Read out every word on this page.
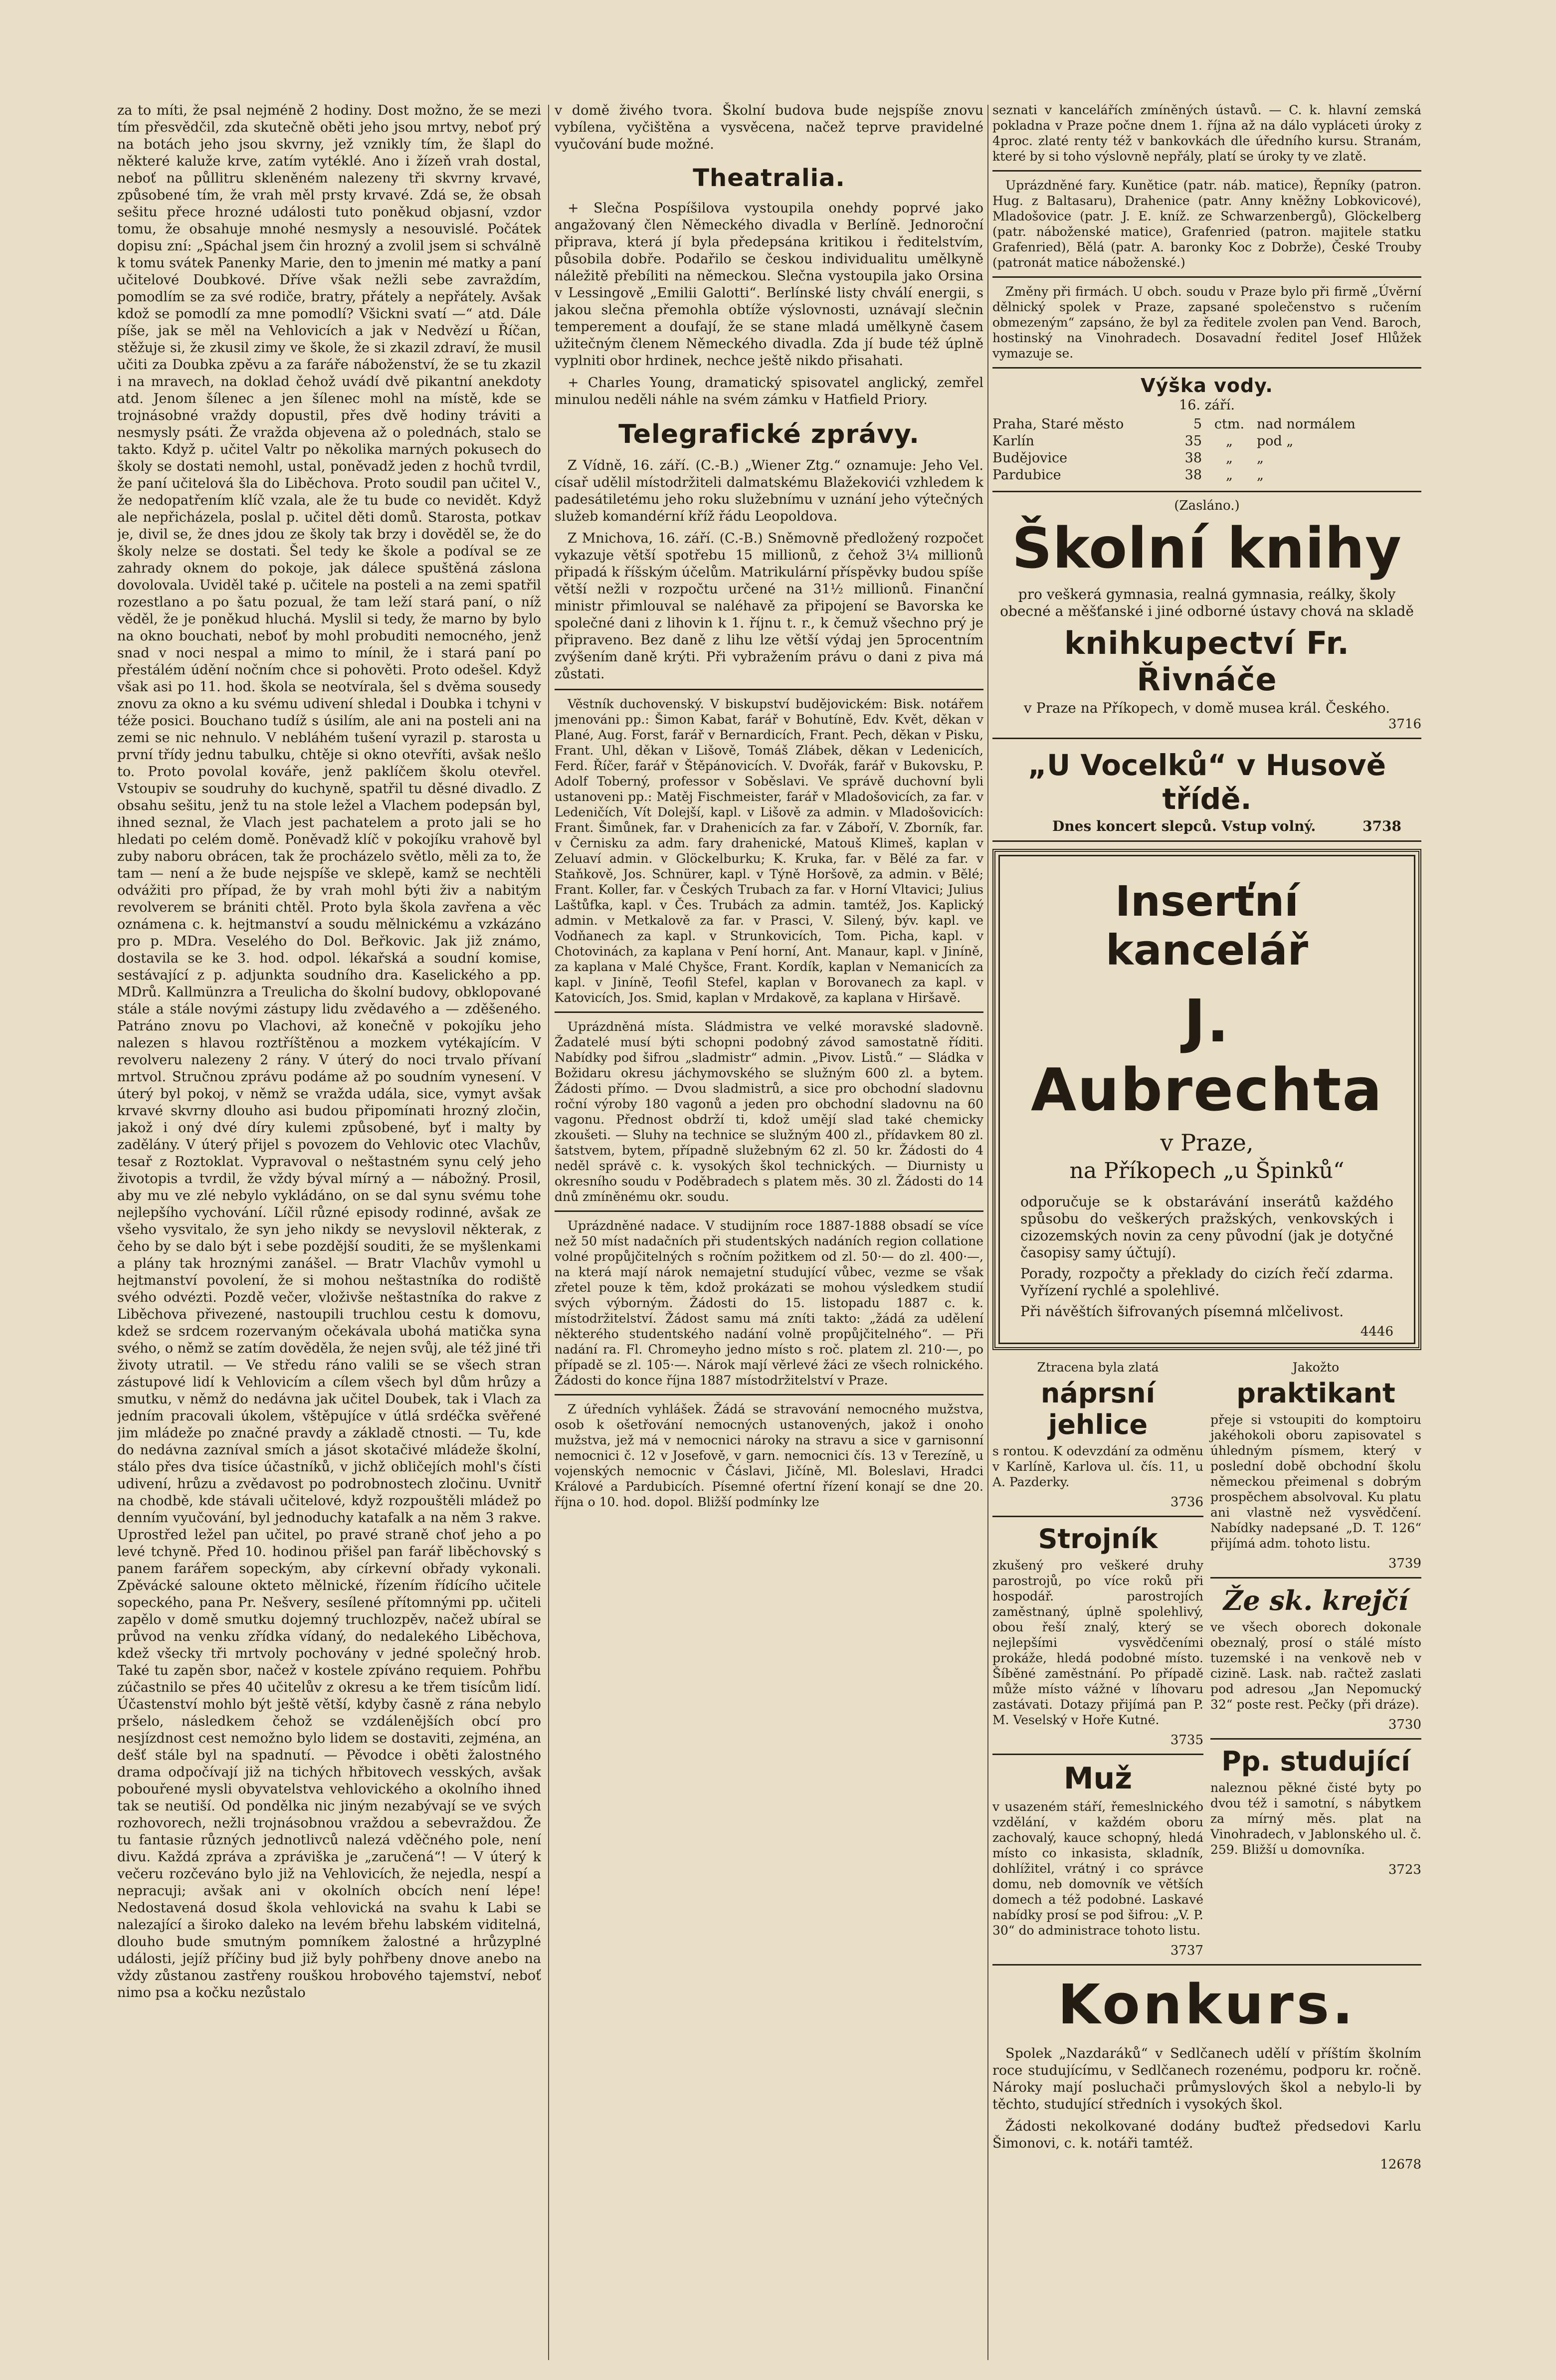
za to míti, že psal nejméně 2 hodiny. Dost možno, že se mezi tím přesvědčil, zda skutečně oběti jeho jsou mrtvy, neboť prý na botách jeho jsou skvrny, jež vznikly tím, že šlapl do některé kaluže krve, zatím vytéklé. Ano i žízeň vrah dostal, neboť na půllitru skleněném nalezeny tři skvrny krvavé, způsobené tím, že vrah měl prsty krvavé. Zdá se, že obsah sešitu přece hrozné události tuto poněkud objasní, vzdor tomu, že obsahuje mnohé nesmysly a nesouvislé. Počátek dopisu zní: „Spáchal jsem čin hrozný a zvolil jsem si schválně k tomu svátek Panenky Marie, den to jmenin mé matky a paní učitelové Doubkové. Dříve však nežli sebe zavraždím, pomodlím se za své rodiče, bratry, přátely a nepřátely. Avšak kdož se pomodlí za mne pomodlí? Všickni svatí —“ atd. Dále píše, jak se měl na Vehlovicích a jak v Nedvězí u Říčan, stěžuje si, že zkusil zimy ve škole, že si zkazil zdraví, že musil učiti za Doubka zpěvu a za faráře náboženství, že se tu zkazil i na mravech, na doklad čehož uvádí dvě pikantní anekdoty atd. Jenom šílenec a jen šílenec mohl na místě, kde se trojnásobné vraždy dopustil, přes dvě hodiny tráviti a nesmysly psáti. Že vražda objevena až o polednách, stalo se takto. Když p. učitel Valtr po několika marných pokusech do školy se dostati nemohl, ustal, poněvadž jeden z hochů tvrdil, že paní učitelová šla do Liběchova. Proto soudil pan učitel V., že nedopatřením klíč vzala, ale že tu bude co nevidět. Když ale nepřicházela, poslal p. učitel děti domů. Starosta, potkav je, divil se, že dnes jdou ze školy tak brzy i dověděl se, že do školy nelze se dostati. Šel tedy ke škole a podíval se ze zahrady oknem do pokoje, jak dálece spuštěná záslona dovolovala. Uviděl také p. učitele na posteli a na zemi spatřil rozestlano a po šatu pozual, že tam leží stará paní, o níž věděl, že je poněkud hluchá. Myslil si tedy, že marno by bylo na okno bouchati, neboť by mohl probuditi nemocného, jenž snad v noci nespal a mimo to mínil, že i stará paní po přestálém údění nočním chce si pohověti. Proto odešel. Když však asi po 11. hod. škola se neotvírala, šel s dvěma sousedy znovu za okno a ku svému udivení shledal i Doubka i tchyni v téže posici. Bouchano tudíž s úsilím, ale ani na posteli ani na zemi se nic nehnulo. V nebláhém tušení vyrazil p. starosta u první třídy jednu tabulku, chtěje si okno otevříti, avšak nešlo to. Proto povolal kováře, jenž paklíčem školu otevřel. Vstoupiv se soudruhy do kuchyně, spatřil tu děsné divadlo. Z obsahu sešitu, jenž tu na stole ležel a Vlachem podepsán byl, ihned seznal, že Vlach jest pachatelem a proto jali se ho hledati po celém domě. Poněvadž klíč v pokojíku vrahově byl zuby naboru obrácen, tak že procházelo světlo, měli za to, že tam — není a že bude nejspíše ve sklepě, kamž se nechtěli odvážiti pro případ, že by vrah mohl býti živ a nabitým revolverem se brániti chtěl. Proto byla škola zavřena a věc oznámena c. k. hejtmanství a soudu mělnickému a vzkázáno pro p. MDra. Veselého do Dol. Beřkovic. Jak již známo, dostavila se ke 3. hod. odpol. lékařská a soudní komise, sestávající z p. adjunkta soudního dra. Kaselického a pp. MDrů. Kallmünzra a Treulicha do školní budovy, obklopované stále a stále novými zástupy lidu zvědavého a — zděšeného. Patráno znovu po Vlachovi, až konečně v pokojíku jeho nalezen s hlavou roztříštěnou a mozkem vytékajícím. V revolveru nalezeny 2 rány. V úterý do noci trvalo přívaní mrtvol. Stručnou zprávu podáme až po soudním vynesení. V úterý byl pokoj, v němž se vražda udála, sice, vymyt avšak krvavé skvrny dlouho asi budou připomínati hrozný zločin, jakož i oný dvé díry kulemi způsobené, byť i malty by zadělány. V úterý přijel s povozem do Vehlovic otec Vlachův, tesař z Roztoklat. Vypravoval o neštastném synu celý jeho životopis a tvrdil, že vždy býval mírný a — nábožný. Prosil, aby mu ve zlé nebylo vykládáno, on se dal synu svému tohe nejlepšího vychování. Líčil různé episody rodinné, avšak ze všeho vysvitalo, že syn jeho nikdy se nevyslovil některak, z čeho by se dalo být i sebe pozdější souditi, že se myšlenkami a plány tak hroznými zanášel. — Bratr Vlachův vymohl u hejtmanství povolení, že si mohou neštastníka do rodiště svého odvézti. Pozdě večer, vloživše neštastníka do rakve z Liběchova přivezené, nastoupili truchlou cestu k domovu, kdež se srdcem rozervaným očekávala ubohá matička syna svého, o němž se zatím dověděla, že nejen svůj, ale též jiné tři životy utratil. — Ve středu ráno valili se se všech stran zástupové lidí k Vehlovicím a cílem všech byl dům hrůzy a smutku, v němž do nedávna jak učitel Doubek, tak i Vlach za jedním pracovali úkolem, vštěpujíce v útlá srdéčka svěřené jim mládeže po značné pravdy a základě ctnosti. — Tu, kde do nedávna zazníval smích a jásot skotačivé mládeže školní, stálo přes dva tisíce účastníků, v jichž obličejích mohl's čísti udivení, hrůzu a zvědavost po podrobnostech zločinu. Uvnitř na chodbě, kde stávali učitelové, když rozpouštěli mládež po denním vyučování, byl jednoduchy katafalk a na něm 3 rakve. Uprostřed ležel pan učitel, po pravé straně choť jeho a po levé tchyně. Před 10. hodinou přišel pan farář liběchovský s panem farářem sopeckým, aby církevní obřady vykonali. Zpěvácké saloune okteto mělnické, řízením řídícího učitele sopeckého, pana Pr. Nešvery, sesílené přítomnými pp. učiteli zapělo v domě smutku dojemný truchlozpěv, načež ubíral se průvod na venku zřídka vídaný, do nedalekého Liběchova, kdež všecky tři mrtvoly pochovány v jedné společný hrob. Také tu zapěn sbor, načež v kostele zpíváno requiem. Pohřbu zúčastnilo se přes 40 učitelův z okresu a ke třem tisícům lidí. Účastenství mohlo být ještě větší, kdyby časně z rána nebylo pršelo, následkem čehož se vzdálenějších obcí pro nesjízdnost cest nemožno bylo lidem se dostaviti, zejména, an dešť stále byl na spadnutí. — Pěvodce i oběti žalostného drama odpočívají již na tichých hřbitovech vesských, avšak pobouřené mysli obyvatelstva vehlovického a okolního ihned tak se neutiší. Od pondělka nic jiným nezabývají se ve svých rozhovorech, nežli trojnásobnou vraždou a sebevraždou. Že tu fantasie různých jednotlivců nalezá vděčného pole, není divu. Každá zpráva a zpráviška je „zaručená“! — V úterý k večeru rozčeváno bylo již na Vehlovicích, že nejedla, nespí a nepracuji; avšak ani v okolních obcích není lépe! Nedostavená dosud škola vehlovická na svahu k Labi se nalezající a široko daleko na levém břehu labském viditelná, dlouho bude smutným pomníkem žalostné a hrůzyplné události, jejíž příčiny bud již byly pohřbeny dnove anebo na vždy zůstanou zastřeny rouškou hrobového tajemství, neboť nimo psa a kočku nezůstalo

v domě živého tvora. Školní budova bude nejspíše znovu vybílena, vyčištěna a vysvěcena, načež teprve pravidelné vyučování bude možné.

Theatralia.

+ Slečna Pospíšilova vystoupila onehdy poprvé jako angažovaný člen Německého divadla v Berlíně. Jednoroční připrava, která jí byla předepsána kritikou i ředitelstvím, působila dobře. Podařilo se českou individualitu umělkyně náležitě přebíliti na německou. Slečna vystoupila jako Orsina v Lessingově „Emilii Galotti“. Berlínské listy chválí energii, s jakou slečna přemohla obtíže výslovnosti, uznávají slečnin temperement a doufají, že se stane mladá umělkyně časem užitečným členem Německého divadla. Zda jí bude též úplně vyplniti obor hrdinek, nechce ještě nikdo přisahati.

+ Charles Young, dramatický spisovatel anglický, zemřel minulou neděli náhle na svém zámku v Hatfield Priory.

Telegrafické zprávy.

Z Vídně, 16. září. (C.-B.) „Wiener Ztg.“ oznamuje: Jeho Vel. císař udělil místodržiteli dalmatskému Blažekovići vzhledem k padesátiletému jeho roku služebnímu v uznání jeho výtečných služeb komandérní kříž řádu Leopoldova.

Z Mnichova, 16. září. (C.-B.) Sněmovně předložený rozpočet vykazuje větší spotřebu 15 millionů, z čehož 3¼ millionů připadá k říšským účelům. Matrikulární příspěvky budou spíše větší nežli v rozpočtu určené na 31½ millionů. Finanční ministr přimlouval se naléhavě za připojení se Bavorska ke společné dani z lihovin k 1. říjnu t. r., k čemuž všechno prý je připraveno. Bez daně z lihu lze větší výdaj jen 5procentním zvýšením daně krýti. Při vybražením právu o dani z piva má zůstati.

Věstník duchovenský. V biskupství budějovickém: Bisk. notářem jmenováni pp.: Šimon Kabat, farář v Bohutíně, Edv. Květ, děkan v Plané, Aug. Forst, farář v Bernardicích, Frant. Pech, děkan v Pisku, Frant. Uhl, děkan v Lišově, Tomáš Zlábek, děkan v Ledenicích, Ferd. Říčer, farář v Štěpánovicích. V. Dvořák, farář v Bukovsku, P. Adolf Toberný, professor v Soběslavi. Ve správě duchovní byli ustanoveni pp.: Matěj Fischmeister, farář v Mladošovicích, za far. v Ledeničích, Vít Dolejší, kapl. v Lišově za admin. v Mladošovicích: Frant. Šimůnek, far. v Drahenicích za far. v Záboří, V. Zborník, far. v Černisku za adm. fary drahenické, Matouš Klimeš, kaplan v Zeluaví admin. v Glöckelburku; K. Kruka, far. v Bělé za far. v Staňkově, Jos. Schnürer, kapl. v Týně Horšově, za admin. v Bělé; Frant. Koller, far. v Českých Trubach za far. v Horní Vltavici; Julius Laštůfka, kapl. v Čes. Trubách za admin. tamtéž, Jos. Kaplický admin. v Metkalově za far. v Prasci, V. Silený, býv. kapl. ve Vodňanech za kapl. v Strunkovicích, Tom. Picha, kapl. v Chotovinách, za kaplana v Pení horní, Ant. Manaur, kapl. v Jiníně, za kaplana v Malé Chyšce, Frant. Kordík, kaplan v Nemanicích za kapl. v Jiníně, Teofil Stefel, kaplan v Borovanech za kapl. v Katovicích, Jos. Smid, kaplan v Mrdakově, za kaplana v Hiršavě.

Uprázdněná místa. Sládmistra ve velké moravské sladovně. Žadatelé musí býti schopni podobný závod samostatně říditi. Nabídky pod šifrou „sladmistr“ admin. „Pivov. Listů.“ — Sládka v Božidaru okresu jáchymovského se služným 600 zl. a bytem. Žádosti přímo. — Dvou sladmistrů, a sice pro obchodní sladovnu roční výroby 180 vagonů a jeden pro obchodní sladovnu na 60 vagonu. Přednost obdrží ti, kdož umějí slad také chemicky zkoušeti. — Sluhy na technice se služným 400 zl., přídavkem 80 zl. šatstvem, bytem, případně služebným 62 zl. 50 kr. Žádosti do 4 neděl správě c. k. vysokých škol technických. — Diurnisty u okresního soudu v Poděbradech s platem měs. 30 zl. Žádosti do 14 dnů zmíněnému okr. soudu.

Uprázdněné nadace. V studijním roce 1887-1888 obsadí se více než 50 míst nadačních při studentských nadáních region collatione volné propůjčitelných s ročním požitkem od zl. 50·— do zl. 400·—, na která mají nárok nemajetní studující vůbec, vezme se však zřetel pouze k těm, kdož prokázati se mohou výsledkem studií svých výborným. Žádosti do 15. listopadu 1887 c. k. místodržitelství. Žádost samu má zníti takto: „žádá za udělení některého studentského nadání volně propůjčitelného“. — Při nadání ra. Fl. Chromeyho jedno místo s roč. platem zl. 210·—, po případě se zl. 105·—. Nárok mají věrlevé žáci ze všech rolnického. Žádosti do konce října 1887 místodržitelství v Praze.

Z úředních vyhlášek. Žádá se stravování nemocného mužstva, osob k ošetřování nemocných ustanovených, jakož i onoho mužstva, jež má v nemocnici nároky na stravu a sice v garnisonní nemocnici č. 12 v Josefově, v garn. nemocnici čís. 13 v Terezíně, u vojenských nemocnic v Čáslavi, Jičíně, Ml. Boleslavi, Hradci Králové a Pardubicích. Písemné ofertní řízení konají se dne 20. října o 10. hod. dopol. Bližší podmínky lze

seznati v kancelářích zmíněných ústavů. — C. k. hlavní zemská pokladna v Praze počne dnem 1. října až na dálo vypláceti úroky z 4proc. zlaté renty též v bankovkách dle úředního kursu. Stranám, které by si toho výslovně nepřály, platí se úroky ty ve zlatě.

Uprázdněné fary. Kunětice (patr. náb. matice), Řepníky (patron. Hug. z Baltasaru), Drahenice (patr. Anny kněžny Lobkovicové), Mladošovice (patr. J. E. kníž. ze Schwarzenbergů), Glöckelberg (patr. náboženské matice), Grafenried (patron. majitele statku Grafenried), Bělá (patr. A. baronky Koc z Dobrže), České Trouby (patronát matice náboženské.)

Změny při firmách. U obch. soudu v Praze bylo při firmě „Úvěrní dělnický spolek v Praze, zapsané společenstvo s ručením obmezeným“ zapsáno, že byl za ředitele zvolen pan Vend. Baroch, hostinský na Vinohradech. Dosavadní ředitel Josef Hlůžek vymazuje se.

Výška vody.
16. září.
Praha, Staré město	5 ctm. nad normálem
Karlín	35	„	pod „
Budějovice	38	„	„
Pardubice	38	„	„
(Zasláno.)
Školní knihy

pro veškerá gymnasia, realná gymnasia, reálky, školy obecné a měšťanské i jiné odborné ústavy chová na skladě

knihkupectví Fr. Řivnáče

v Praze na Příkopech, v domě musea král. Českého.

3716
„U Vocelků“ v Husově třídě.
Dnes koncert slepců. Vstup volný.	3738
Inserťní kancelář
J. Aubrechta
v Praze,
na Příkopech „u Špinků“
odporučuje se k obstarávání inserátů každého spůsobu do veškerých pražských, venkovských i cizozemských novin za ceny původní (jak je dotyčné časopisy samy účtují).
Porady, rozpočty a překlady do cizích řečí zdarma. Vyřízení rychlé a spolehlivé.
Při návěštích šifrovaných písemná mlčelivost.
4446
Ztracena byla zlatá
náprsní jehlice

s rontou. K odevzdání za odměnu v Karlíně, Karlova ul. čís. 11, u A. Pazderky.

3736
Strojník

zkušený pro veškeré druhy parostrojů, po více roků při hospodář. parostrojích zaměstnaný, úplně spolehlivý, obou řeší znalý, který se nejlepšími vysvědčeními prokáže, hledá podobné místo. Šíběné zaměstnání. Po případě může místo vážné v líhovaru zastávati. Dotazy přijímá pan P. M. Veselský v Hoře Kutné.

3735
Muž

v usazeném stáří, řemeslnického vzdělání, v každém oboru zachovalý, kauce schopný, hledá místo co inkasista, skladník, dohlížitel, vrátný i co správce domu, neb domovník ve větších domech a též podobné. Laskavé nabídky prosí se pod šifrou: „V. P. 30“ do administrace tohoto listu.

3737
Jakožto
praktikant

přeje si vstoupiti do komptoiru jakéhokoli oboru zapisovatel s úhledným písmem, který v poslední době obchodní školu německou přeimenal s dobrým prospěchem absolvoval. Ku platu ani vlastně než vysvědčení. Nabídky nadepsané „D. T. 126“ přijímá adm. tohoto listu.

3739
Že sk. krejčí

ve všech oborech dokonale obeznalý, prosí o stálé místo tuzemské i na venkově neb v cizině. Lask. nab. račtež zaslati pod adresou „Jan Nepomucký 32“ poste rest. Pečky (při dráze).

3730
Pp. studující

naleznou pěkné čisté byty po dvou též i samotní, s nábytkem za mírný měs. plat na Vinohradech, v Jablonského ul. č. 259. Bližší u domovníka.

3723
Konkurs.

Spolek „Nazdaráků“ v Sedlčanech udělí v příštím školním roce studujícímu, v Sedlčanech rozenému, podporu kr. ročně. Nároky mají posluchači průmyslových škol a nebylo-li by těchto, studující středních i vysokých škol.

Žádosti nekolkované dodány buďtež předsedovi Karlu Šimonovi, c. k. notáři tamtéž.

12678
